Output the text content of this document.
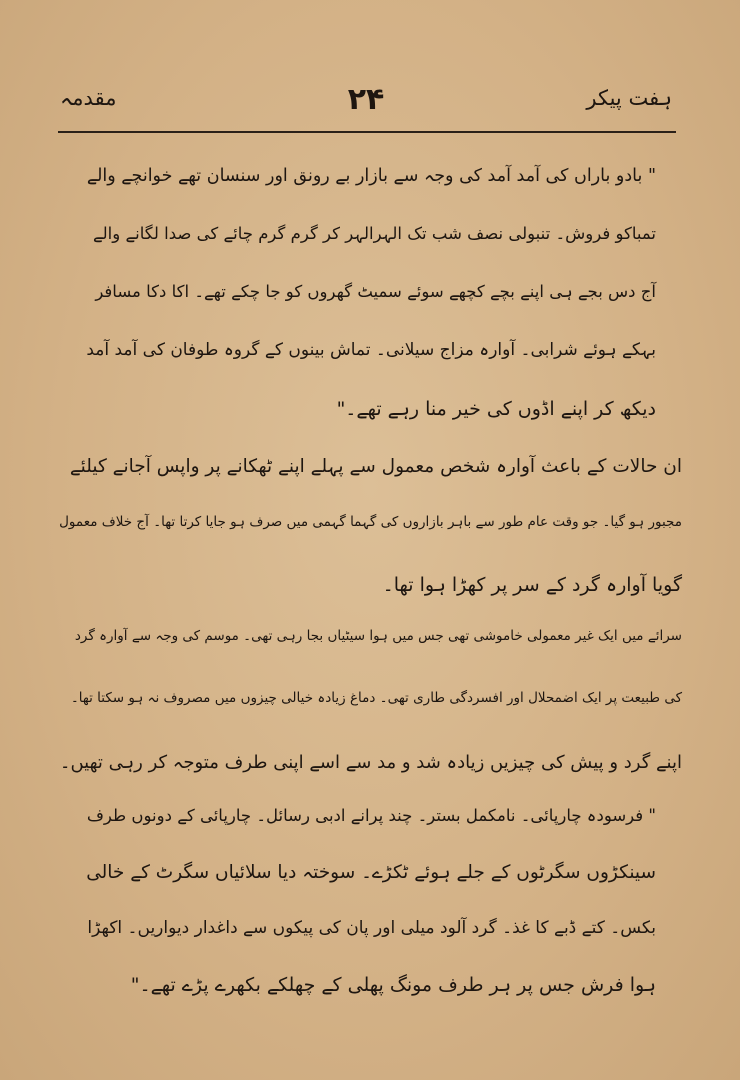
ہفت پیکر
۲۴
مقدمہ
" بادو باراں کی آمد آمد کی وجہ سے بازار بے رونق اور سنسان تھے خوانچے والے
تمباکو فروش۔ تنبولی نصف شب تک الہرالہر کر گرم گرم چائے کی صدا لگانے والے
آج دس بجے ہی اپنے بچے کچھے سوئے سمیٹ گھروں کو جا چکے تھے۔ اکا دکا مسافر
بہکے ہوئے شرابی۔ آوارہ مزاج سیلانی۔ تماش بینوں کے گروہ طوفان کی آمد آمد
دیکھ کر اپنے اڈوں کی خیر منا رہے تھے۔"
ان حالات کے باعث آوارہ شخص معمول سے پہلے اپنے ٹھکانے پر واپس آجانے کیلئے
مجبور ہو گیا۔ جو وقت عام طور سے باہر بازاروں کی گہما گہمی میں صرف ہو جایا کرتا تھا۔ آج خلاف معمول
گویا آوارہ گرد کے سر پر کھڑا ہوا تھا۔
سرائے میں ایک غیر معمولی خاموشی تھی جس میں ہوا سیٹیاں بجا رہی تھی۔ موسم کی وجہ سے آوارہ گرد
کی طبیعت پر ایک اضمحلال اور افسردگی طاری تھی۔ دماغ زیادہ خیالی چیزوں میں مصروف نہ ہو سکتا تھا۔
اپنے گرد و پیش کی چیزیں زیادہ شد و مد سے اسے اپنی طرف متوجہ کر رہی تھیں۔
" فرسودہ چارپائی۔ نامکمل بستر۔ چند پرانے ادبی رسائل۔ چارپائی کے دونوں طرف
سینکڑوں سگرٹوں کے جلے ہوئے ٹکڑے۔ سوختہ دیا سلائیاں سگرٹ کے خالی
بکس۔ کتے ڈبے کا غذ۔ گرد آلود میلی اور پان کی پیکوں سے داغدار دیواریں۔ اکھڑا
ہوا فرش جس پر ہر طرف مونگ پھلی کے چھلکے بکھرے پڑے تھے۔"
